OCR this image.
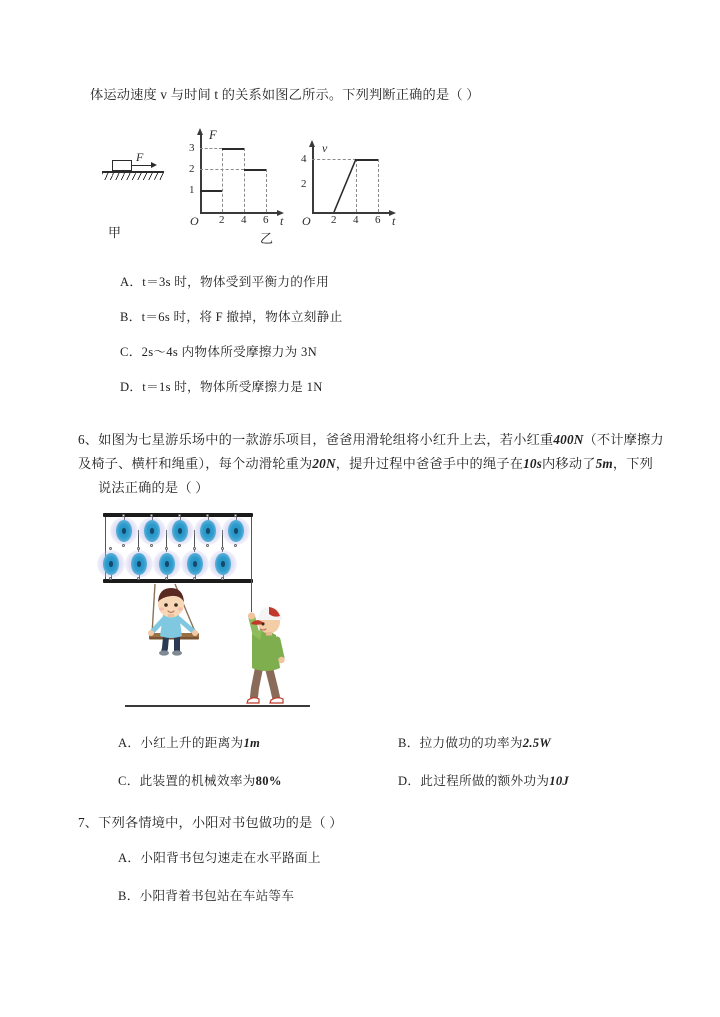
体运动速度 v 与时间 t 的关系如图乙所示。下列判断正确的是（ ）
F
甲
F
t
O
1
2
3
2 4 6
v
t
O
2
4
2 4 6
乙
A．t＝3s 时，物体受到平衡力的作用
B．t＝6s 时，将 F 撤掉，物体立刻静止
C．2s～4s 内物体所受摩擦力为 3N
D．t＝1s 时，物体所受摩擦力是 1N
6、如图为七星游乐场中的一款游乐项目，爸爸用滑轮组将小红升上去，若小红重400N（不计摩擦力
及椅子、横杆和绳重），每个动滑轮重为20N，提升过程中爸爸手中的绳子在10s内移动了5m，下列
说法正确的是（ ）
A．小红上升的距离为1m	B．拉力做功的功率为2.5W
C．此装置的机械效率为80%	D．此过程所做的额外功为10J
7、下列各情境中，小阳对书包做功的是（ ）
A．小阳背书包匀速走在水平路面上
B．小阳背着书包站在车站等车
